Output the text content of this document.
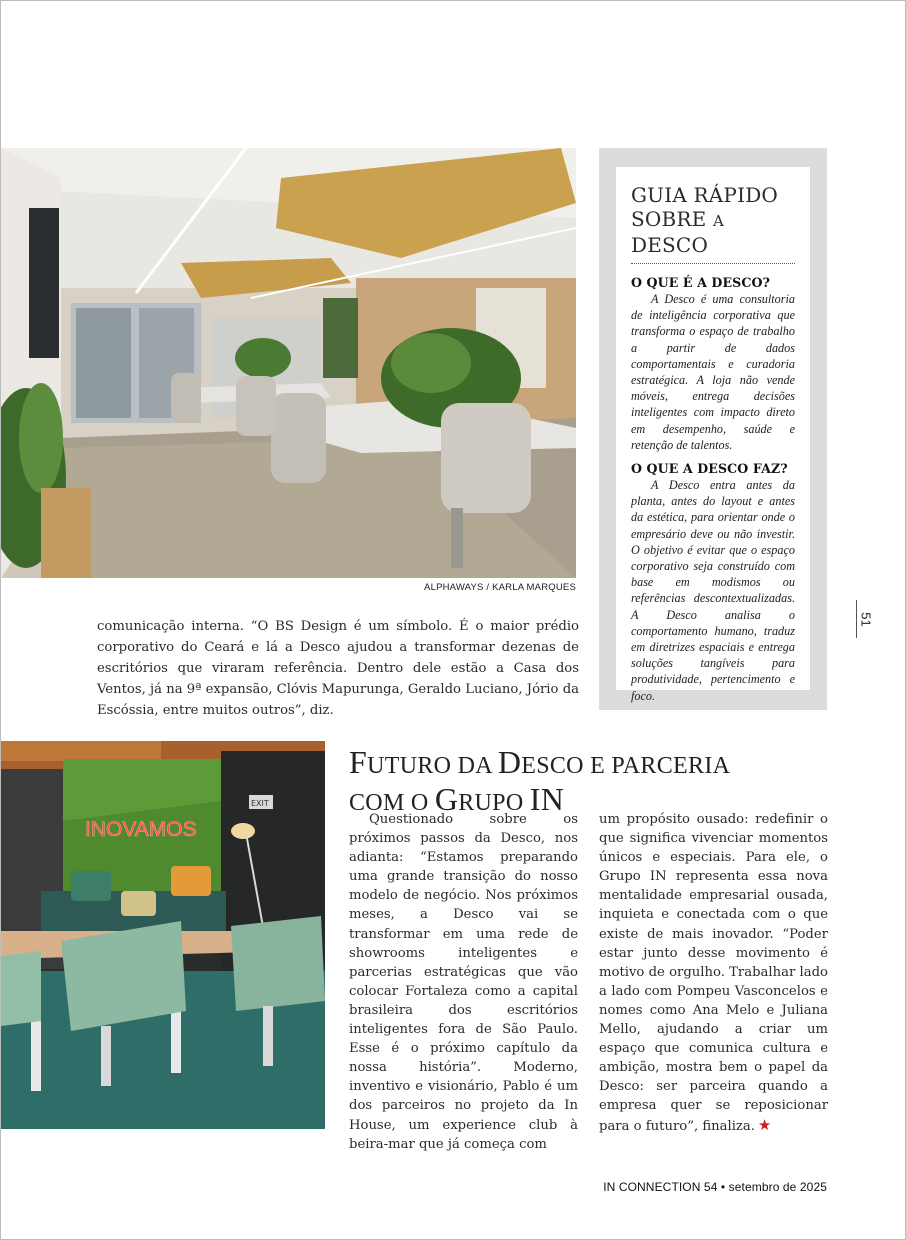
ALPHAWAYS / KARLA MARQUES

comunicação interna. “O BS Design é um símbolo. É o maior prédio corporativo do Ceará e lá a Desco ajudou a transformar dezenas de escritórios que viraram referência. Dentro dele estão a Casa dos Ventos, já na 9ª expansão, Clóvis Mapurunga, Geraldo Luciano, Jório da Escóssia, entre muitos outros”, diz.

GUIA RÁPIDO
SOBRE A DESCO
O QUE É A DESCO?

A Desco é uma consultoria de inteligência corporativa que transforma o espaço de trabalho a partir de dados comportamentais e curadoria estratégica. A loja não vende móveis, entrega decisões inteligentes com impacto direto em desempenho, saúde e retenção de talentos.

O QUE A DESCO FAZ?

A Desco entra antes da planta, antes do layout e antes da estética, para orientar onde o empresário deve ou não investir. O objetivo é evitar que o espaço corporativo seja construído com base em modismos ou referências descontextualizadas. A Desco analisa o comportamento humano, traduz em diretrizes espaciais e entrega soluções tangíveis para produtividade, pertencimento e foco.

51
EXIT
INOVAMOS
FUTURO DA DESCO E PARCERIA
COM O GRUPO IN

Questionado sobre os próximos passos da Desco, nos adianta: “Estamos preparando uma grande transição do nosso modelo de negócio. Nos próximos meses, a Desco vai se transformar em uma rede de showrooms inteligentes e parcerias estratégicas que vão colocar Fortaleza como a capital brasileira dos escritórios inteligentes fora de São Paulo. Esse é o próximo capítulo da nossa história”. Moderno, inventivo e visionário, Pablo é um dos parceiros no projeto da In House, um experience club à beira-mar que já começa com

um propósito ousado: redefinir o que significa vivenciar momentos únicos e especiais. Para ele, o Grupo IN representa essa nova mentalidade empresarial ousada, inquieta e conectada com o que existe de mais inovador. “Poder estar junto desse movimento é motivo de orgulho. Trabalhar lado a lado com Pompeu Vasconcelos e nomes como Ana Melo e Juliana Mello, ajudando a criar um espaço que comunica cultura e ambição, mostra bem o papel da Desco: ser parceira quando a empresa quer se reposicionar para o futuro”, finaliza. ★

IN CONNECTION 54 • setembro de 2025
